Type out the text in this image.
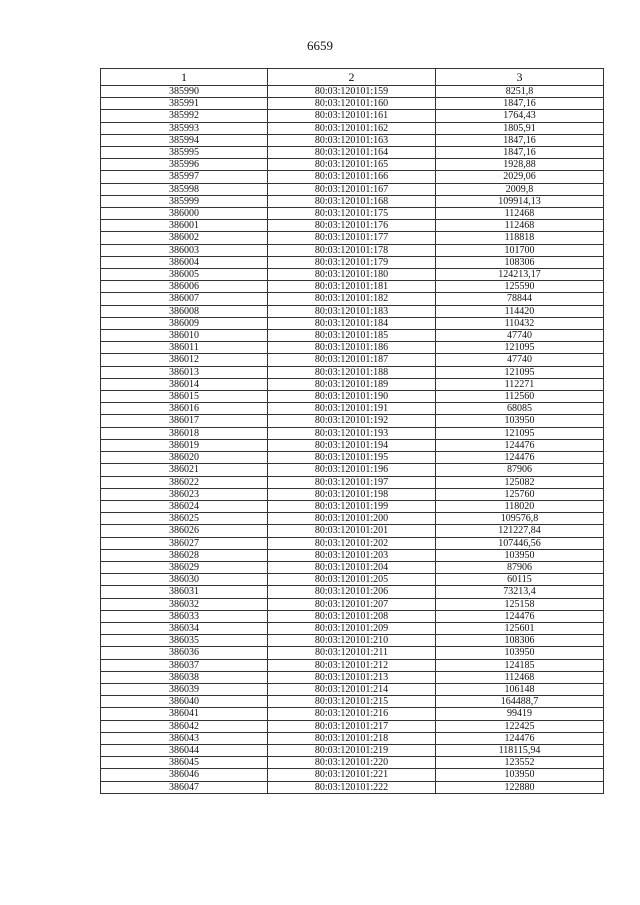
6659
1	2	3
385990	80:03:120101:159	8251,8
385991	80:03:120101:160	1847,16
385992	80:03:120101:161	1764,43
385993	80:03:120101:162	1805,91
385994	80:03:120101:163	1847,16
385995	80:03:120101:164	1847,16
385996	80:03:120101:165	1928,88
385997	80:03:120101:166	2029,06
385998	80:03:120101:167	2009,8
385999	80:03:120101:168	109914,13
386000	80:03:120101:175	112468
386001	80:03:120101:176	112468
386002	80:03:120101:177	118818
386003	80:03:120101:178	101700
386004	80:03:120101:179	108306
386005	80:03:120101:180	124213,17
386006	80:03:120101:181	125590
386007	80:03:120101:182	78844
386008	80:03:120101:183	114420
386009	80:03:120101:184	110432
386010	80:03:120101:185	47740
386011	80:03:120101:186	121095
386012	80:03:120101:187	47740
386013	80:03:120101:188	121095
386014	80:03:120101:189	112271
386015	80:03:120101:190	112560
386016	80:03:120101:191	68085
386017	80:03:120101:192	103950
386018	80:03:120101:193	121095
386019	80:03:120101:194	124476
386020	80:03:120101:195	124476
386021	80:03:120101:196	87906
386022	80:03:120101:197	125082
386023	80:03:120101:198	125760
386024	80:03:120101:199	118020
386025	80:03:120101:200	109576,8
386026	80:03:120101:201	121227,84
386027	80:03:120101:202	107446,56
386028	80:03:120101:203	103950
386029	80:03:120101:204	87906
386030	80:03:120101:205	60115
386031	80:03:120101:206	73213,4
386032	80:03:120101:207	125158
386033	80:03:120101:208	124476
386034	80:03:120101:209	125601
386035	80:03:120101:210	108306
386036	80:03:120101:211	103950
386037	80:03:120101:212	124185
386038	80:03:120101:213	112468
386039	80:03:120101:214	106148
386040	80:03:120101:215	164488,7
386041	80:03:120101:216	99419
386042	80:03:120101:217	122425
386043	80:03:120101:218	124476
386044	80:03:120101:219	118115,94
386045	80:03:120101:220	123552
386046	80:03:120101:221	103950
386047	80:03:120101:222	122880
